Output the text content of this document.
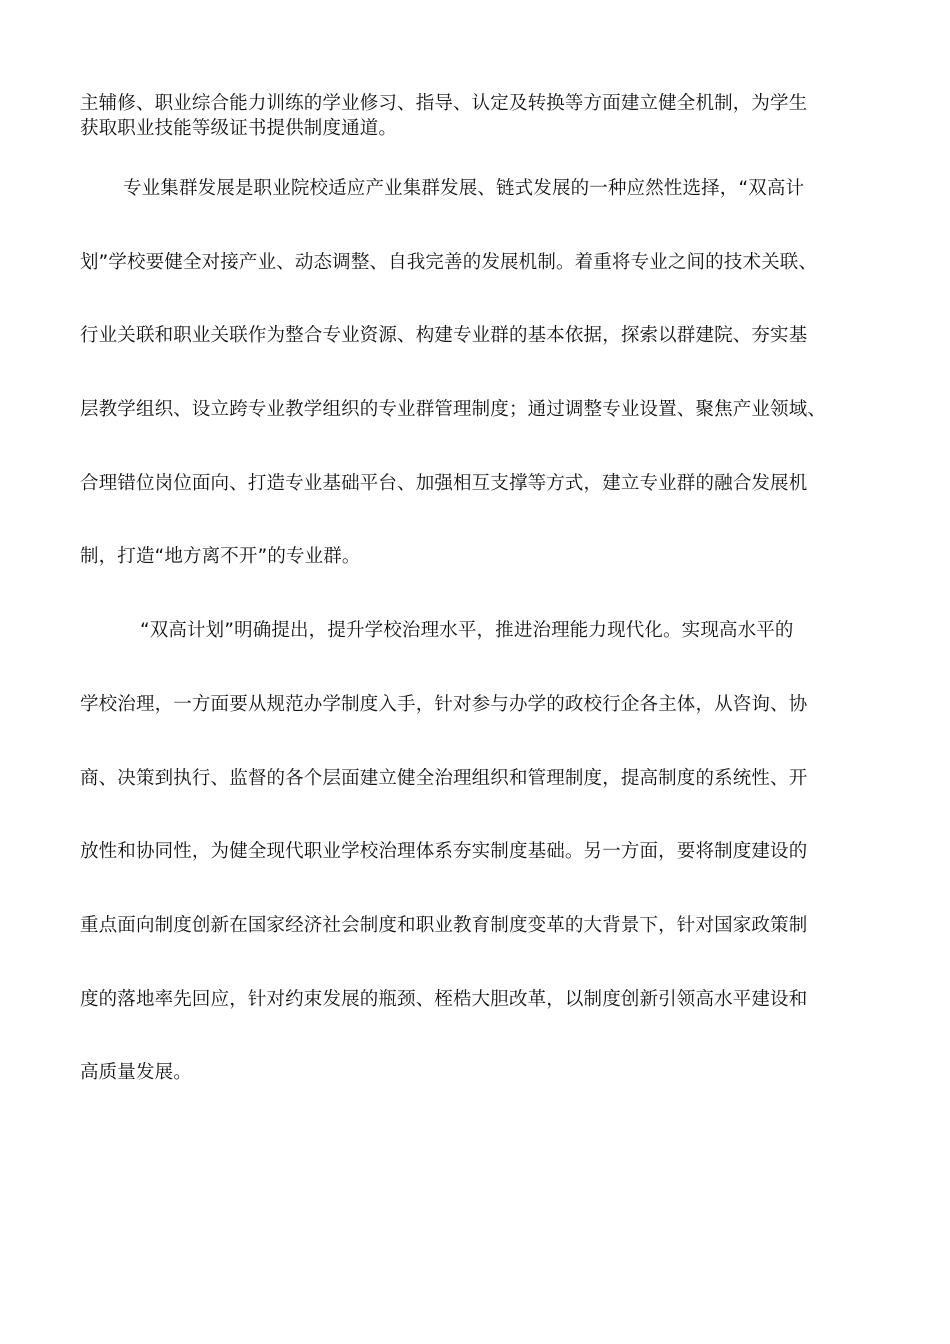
主辅修、职业综合能力训练的学业修习、指导、认定及转换等方面建立健全机制，为学生
获取职业技能等级证书提供制度通道。
专业集群发展是职业院校适应产业集群发展、链式发展的一种应然性选择，“双高计
划”学校要健全对接产业、动态调整、自我完善的发展机制。着重将专业之间的技术关联、
行业关联和职业关联作为整合专业资源、构建专业群的基本依据，探索以群建院、夯实基
层教学组织、设立跨专业教学组织的专业群管理制度；通过调整专业设置、聚焦产业领域、
合理错位岗位面向、打造专业基础平台、加强相互支撑等方式，建立专业群的融合发展机
制，打造“地方离不开”的专业群。
“双高计划”明确提出，提升学校治理水平，推进治理能力现代化。实现高水平的
学校治理，一方面要从规范办学制度入手，针对参与办学的政校行企各主体，从咨询、协
商、决策到执行、监督的各个层面建立健全治理组织和管理制度，提高制度的系统性、开
放性和协同性，为健全现代职业学校治理体系夯实制度基础。另一方面，要将制度建设的
重点面向制度创新在国家经济社会制度和职业教育制度变革的大背景下，针对国家政策制
度的落地率先回应，针对约束发展的瓶颈、桎梏大胆改革，以制度创新引领高水平建设和
高质量发展。
